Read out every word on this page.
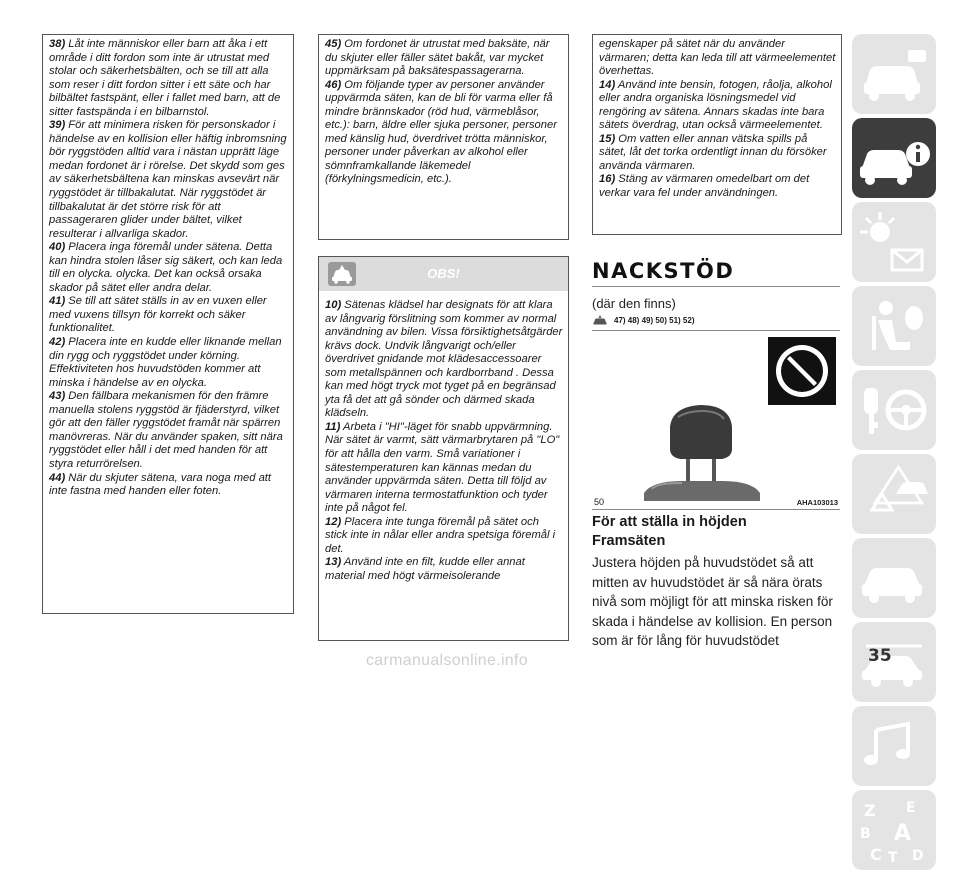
38) Låt inte människor eller barn att åka i ett område i ditt fordon som inte är utrustat med stolar och säkerhetsbälten, och se till att alla som reser i ditt fordon sitter i ett säte och har bilbältet fastspänt, eller i fallet med barn, att de sitter fastspända i en bilbarnstol.

39) För att minimera risken för personskador i händelse av en kollision eller häftig inbromsning bör ryggstöden alltid vara i nästan upprätt läge medan fordonet är i rörelse. Det skydd som ges av säkerhetsbältena kan minskas avsevärt när ryggstödet är tillbakalutat. När ryggstödet är tillbakalutat är det större risk för att passageraren glider under bältet, vilket resulterar i allvarliga skador.

40) Placera inga föremål under sätena. Detta kan hindra stolen låser sig säkert, och kan leda till en olycka. olycka. Det kan också orsaka skador på sätet eller andra delar.

41) Se till att sätet ställs in av en vuxen eller med vuxens tillsyn för korrekt och säker funktionalitet.

42) Placera inte en kudde eller liknande mellan din rygg och ryggstödet under körning. Effektiviteten hos huvudstöden kommer att minska i händelse av en olycka.

43) Den fällbara mekanismen för den främre manuella stolens ryggstöd är fjäderstyrd, vilket gör att den fäller ryggstödet framåt när spärren manövreras. När du använder spaken, sitt nära ryggstödet eller håll i det med handen för att styra returrörelsen.

44) När du skjuter sätena, vara noga med att inte fastna med handen eller foten.

45) Om fordonet är utrustat med baksäte, när du skjuter eller fäller sätet bakåt, var mycket uppmärksam på baksätespassagerarna.

46) Om följande typer av personer använder uppvärmda säten, kan de bli för varma eller få mindre brännskador (röd hud, värmeblåsor, etc.): barn, äldre eller sjuka personer, personer med känslig hud, överdrivet trötta människor, personer under påverkan av alkohol eller sömnframkallande läkemedel (förkylningsmedicin, etc.).

OBS!

10) Sätenas klädsel har designats för att klara av långvarig förslitning som kommer av normal användning av bilen. Vissa försiktighetsåtgärder krävs dock. Undvik långvarigt och/eller överdrivet gnidande mot klädesaccessoarer som metallspännen och kardborrband . Dessa kan med högt tryck mot tyget på en begränsad yta få det att gå sönder och därmed skada klädseln.

11) Arbeta i "HI"-läget för snabb uppvärmning. När sätet är varmt, sätt värmarbrytaren på "LO" för att hålla den varm. Små variationer i sätestemperaturen kan kännas medan du använder uppvärmda säten. Detta till följd av värmaren interna termostatfunktion och tyder inte på något fel.

12) Placera inte tunga föremål på sätet och stick inte in nålar eller andra spetsiga föremål i det.

13) Använd inte en filt, kudde eller annat material med högt värmeisolerande

egenskaper på sätet när du använder värmaren; detta kan leda till att värmeelementet överhettas.

14) Använd inte bensin, fotogen, råolja, alkohol eller andra organiska lösningsmedel vid rengöring av sätena. Annars skadas inte bara sätets överdrag, utan också värmeelementet.

15) Om vatten eller annan vätska spills på sätet, låt det torka ordentligt innan du försöker använda värmaren.

16) Stäng av värmaren omedelbart om det verkar vara fel under användningen.

NACKSTÖD
(där den finns)
47) 48) 49) 50) 51) 52)
50	AHA103013
För att ställa in höjden
Framsäten
Justera höjden på huvudstödet så att mitten av huvudstödet är så nära örats nivå som möjligt för att minska risken för skada i händelse av kollision. En person som är för lång för huvudstödet
Z E
B A
C T D
35
carmanualsonline.info
